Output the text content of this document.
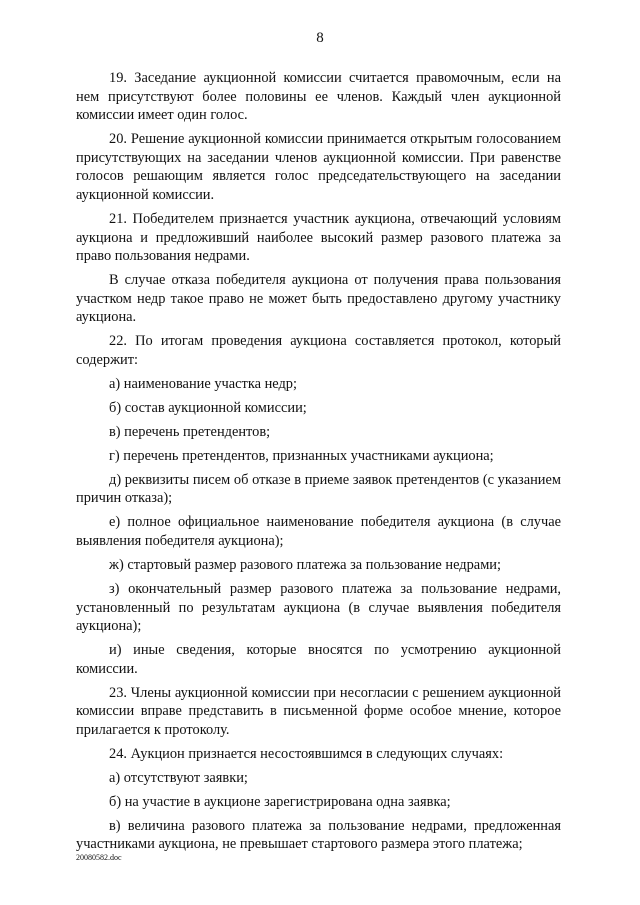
8

19. Заседание аукционной комиссии считается правомочным, если на нем присутствуют более половины ее членов. Каждый член аукционной комиссии имеет один голос.

20. Решение аукционной комиссии принимается открытым голосованием присутствующих на заседании членов аукционной комиссии. При равенстве голосов решающим является голос председательствующего на заседании аукционной комиссии.

21. Победителем признается участник аукциона, отвечающий условиям аукциона и предложивший наиболее высокий размер разового платежа за право пользования недрами.

В случае отказа победителя аукциона от получения права пользования участком недр такое право не может быть предоставлено другому участнику аукциона.

22. По итогам проведения аукциона составляется протокол, который содержит:

а) наименование участка недр;

б) состав аукционной комиссии;

в) перечень претендентов;

г) перечень претендентов, признанных участниками аукциона;

д) реквизиты писем об отказе в приеме заявок претендентов (с указанием причин отказа);

е) полное официальное наименование победителя аукциона (в случае выявления победителя аукциона);

ж) стартовый размер разового платежа за пользование недрами;

з) окончательный размер разового платежа за пользование недрами, установленный по результатам аукциона (в случае выявления победителя аукциона);

и) иные сведения, которые вносятся по усмотрению аукционной комиссии.

23. Члены аукционной комиссии при несогласии с решением аукционной комиссии вправе представить в письменной форме особое мнение, которое прилагается к протоколу.

24. Аукцион признается несостоявшимся в следующих случаях:

а) отсутствуют заявки;

б) на участие в аукционе зарегистрирована одна заявка;

в) величина разового платежа за пользование недрами, предложенная участниками аукциона, не превышает стартового размера этого платежа;

20080582.doc
